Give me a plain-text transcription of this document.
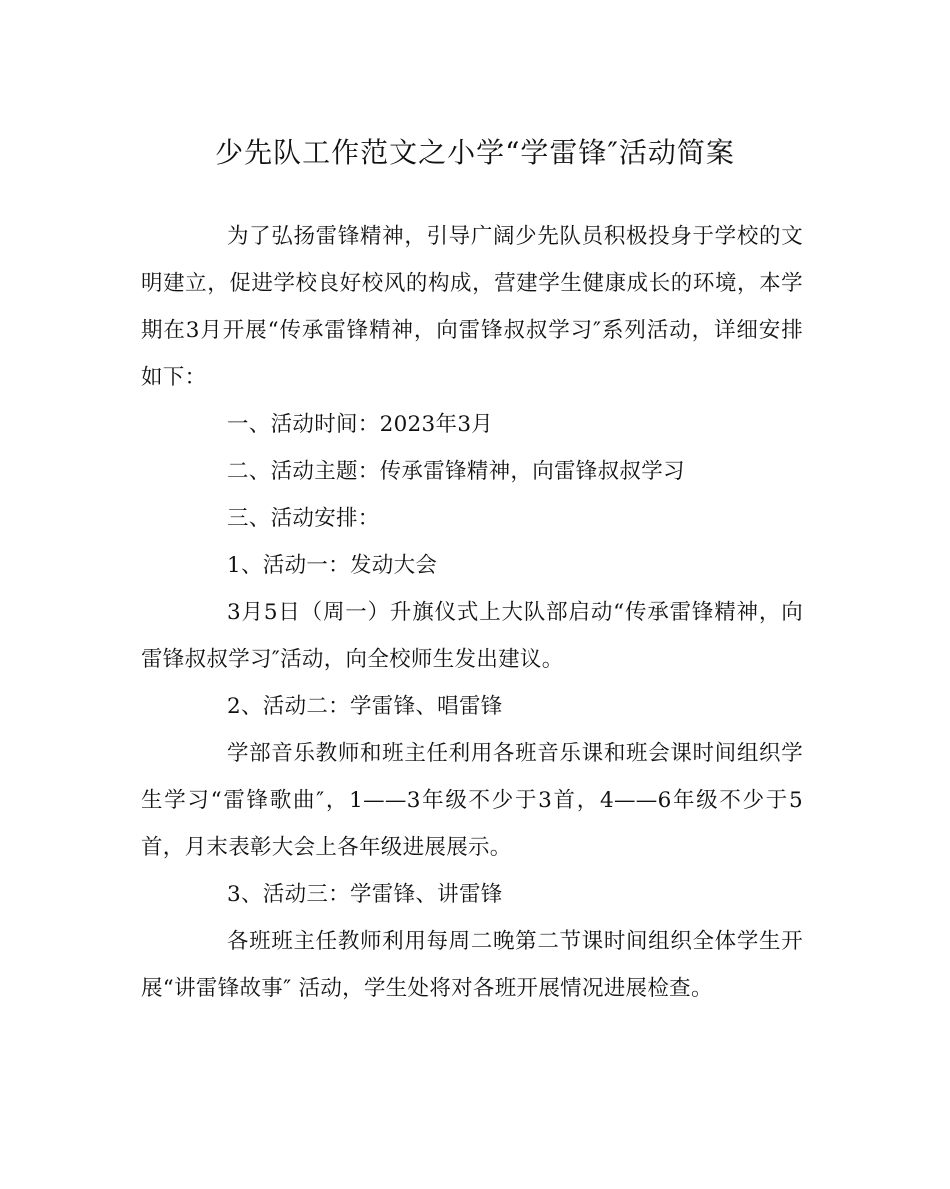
少先队工作范文之小学“学雷锋″活动简案

为了弘扬雷锋精神，引导广阔少先队员积极投身于学校的文明建立，促进学校良好校风的构成，营建学生健康成长的环境，本学期在3月开展“传承雷锋精神，向雷锋叔叔学习″系列活动，详细安排如下：

一、活动时间：2023年3月

二、活动主题：传承雷锋精神，向雷锋叔叔学习

三、活动安排：

1、活动一：发动大会

3月5日（周一）升旗仪式上大队部启动“传承雷锋精神，向雷锋叔叔学习″活动，向全校师生发出建议。

2、活动二：学雷锋、唱雷锋

学部音乐教师和班主任利用各班音乐课和班会课时间组织学生学习“雷锋歌曲″，1——3年级不少于3首，4——6年级不少于5首，月末表彰大会上各年级进展展示。

3、活动三：学雷锋、讲雷锋

各班班主任教师利用每周二晚第二节课时间组织全体学生开展“讲雷锋故事″ 活动，学生处将对各班开展情况进展检查。
